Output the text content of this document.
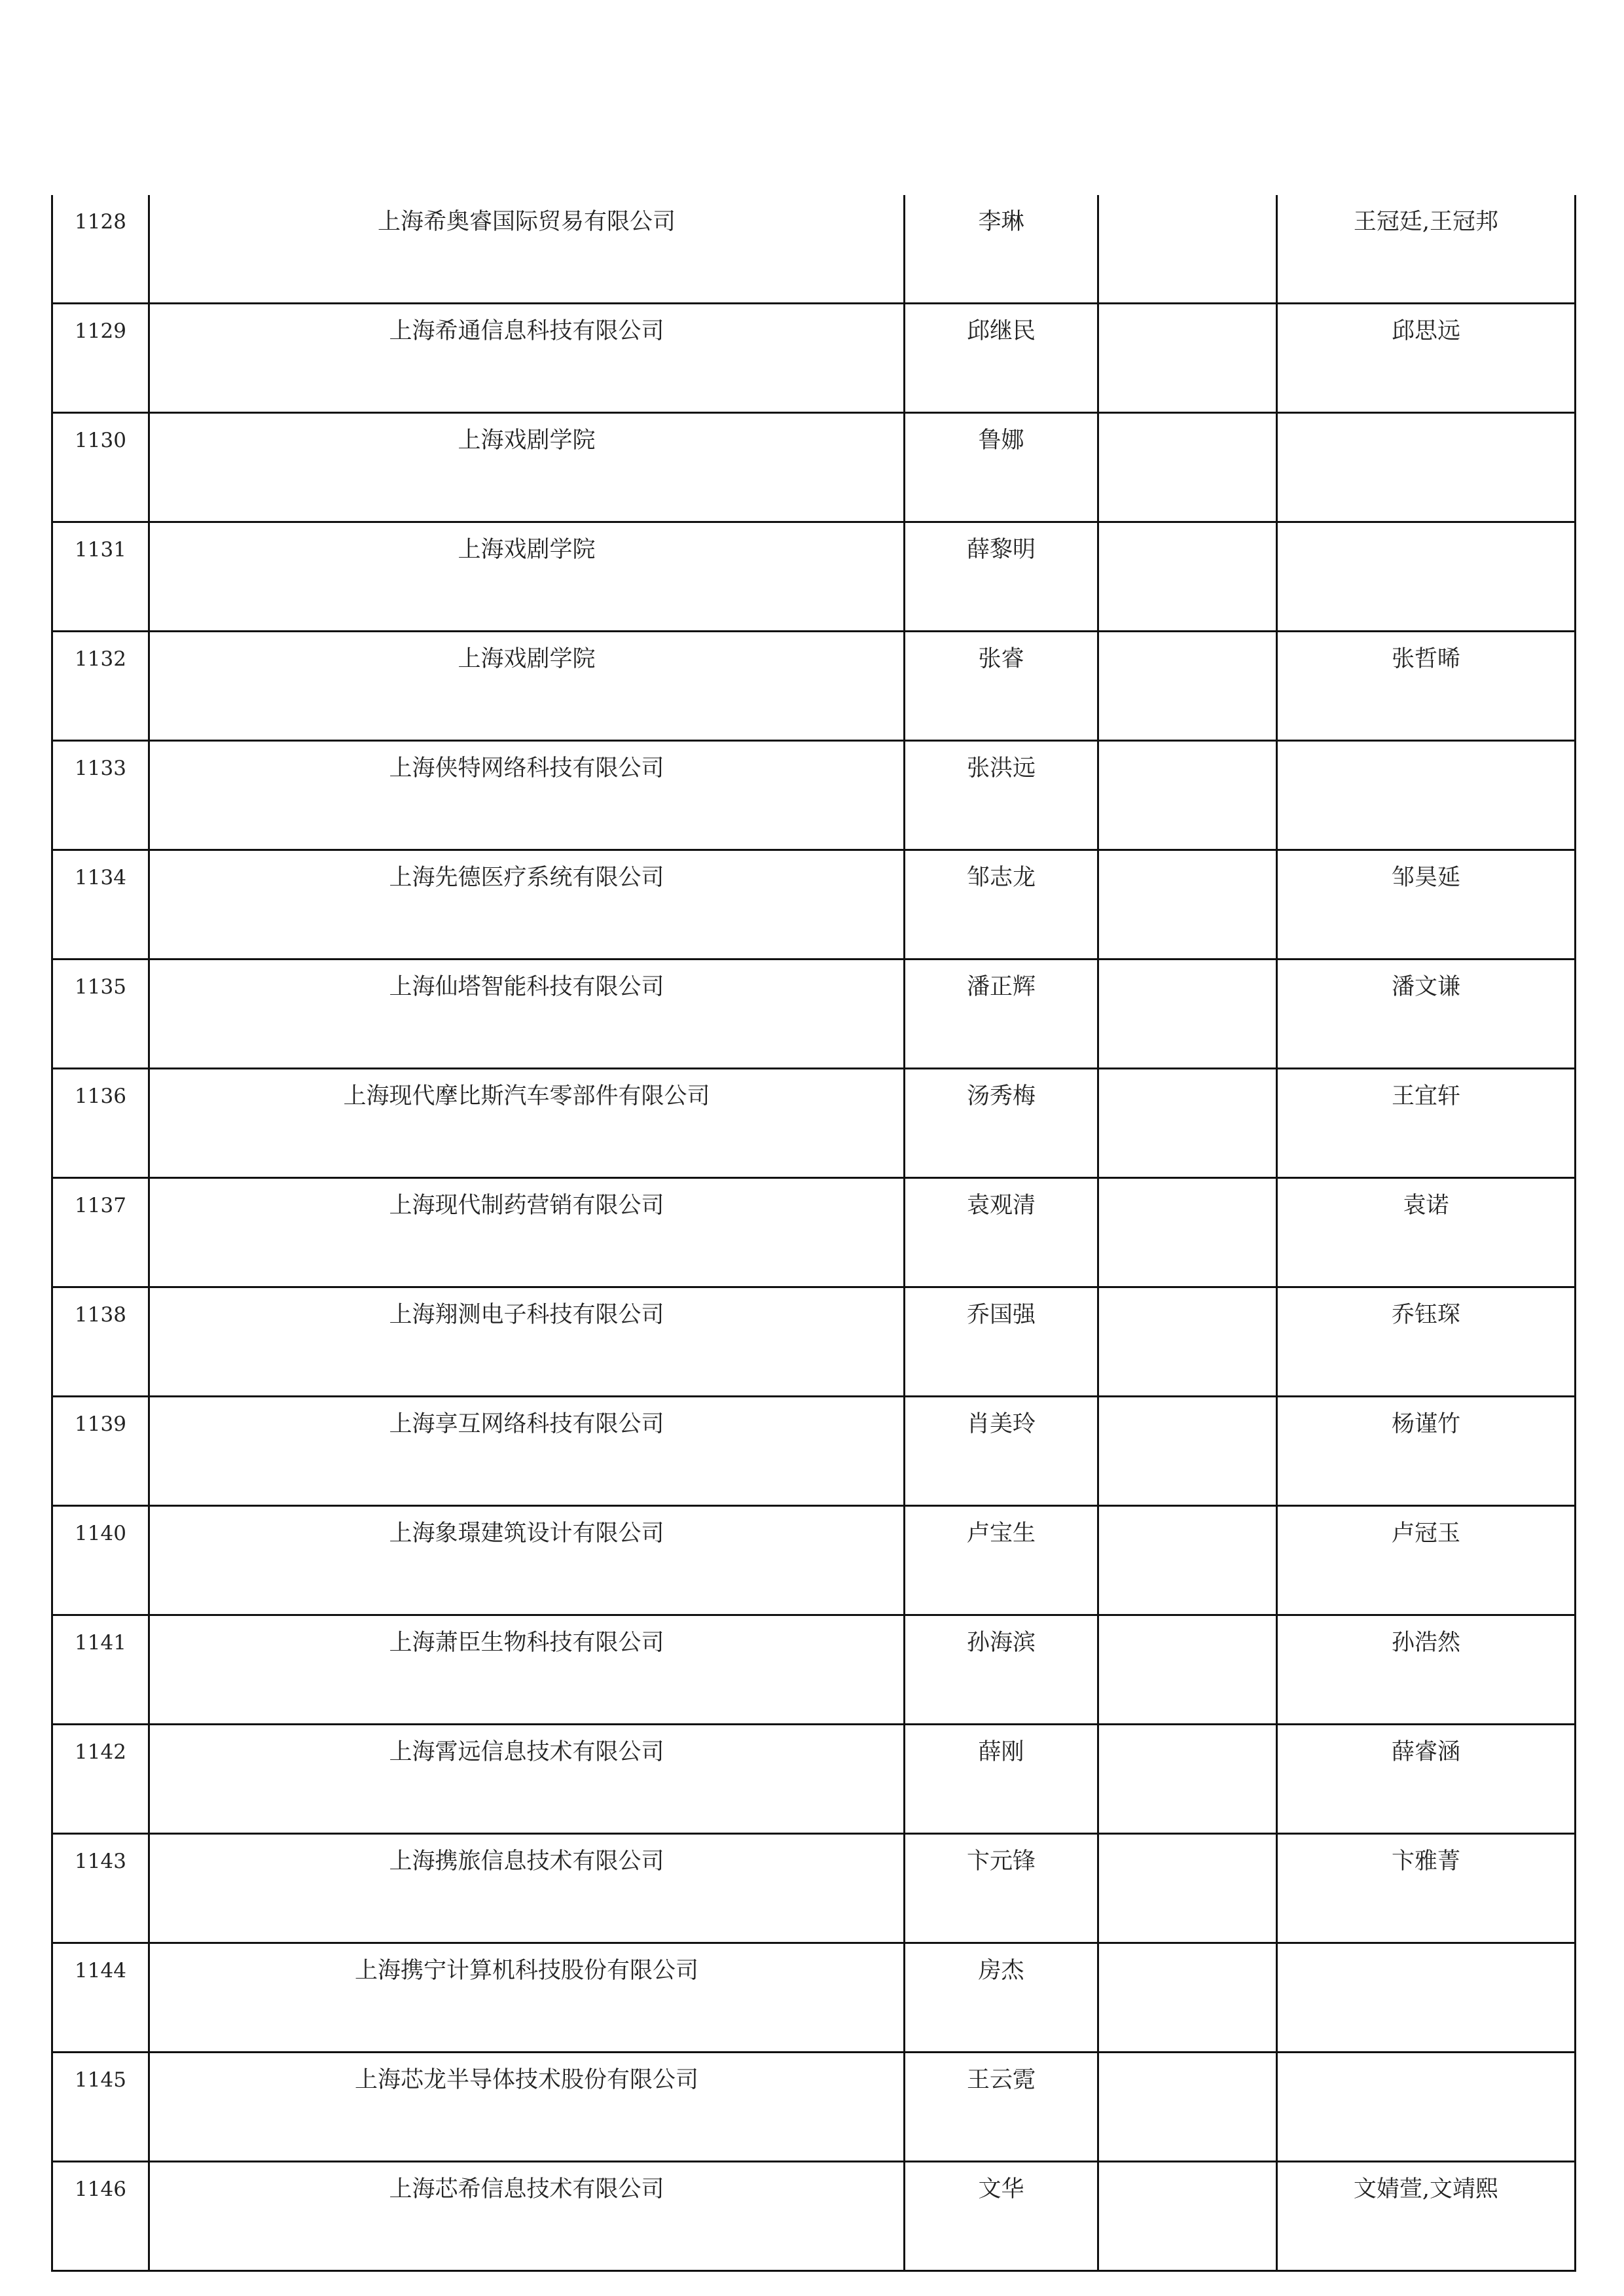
1128	上海希奥睿国际贸易有限公司	李琳		王冠廷,王冠邦
1129	上海希通信息科技有限公司	邱继民		邱思远
1130	上海戏剧学院	鲁娜		
1131	上海戏剧学院	薛黎明		
1132	上海戏剧学院	张睿		张哲晞
1133	上海侠特网络科技有限公司	张洪远		
1134	上海先德医疗系统有限公司	邹志龙		邹昊延
1135	上海仙塔智能科技有限公司	潘正辉		潘文谦
1136	上海现代摩比斯汽车零部件有限公司	汤秀梅		王宜轩
1137	上海现代制药营销有限公司	袁观清		袁诺
1138	上海翔测电子科技有限公司	乔国强		乔钰琛
1139	上海享互网络科技有限公司	肖美玲		杨谨竹
1140	上海象璟建筑设计有限公司	卢宝生		卢冠玉
1141	上海萧臣生物科技有限公司	孙海滨		孙浩然
1142	上海霄远信息技术有限公司	薛刚		薛睿涵
1143	上海携旅信息技术有限公司	卞元锋		卞雅菁
1144	上海携宁计算机科技股份有限公司	房杰		
1145	上海芯龙半导体技术股份有限公司	王云霓		
1146	上海芯希信息技术有限公司	文华		文婧萱,文靖熙
